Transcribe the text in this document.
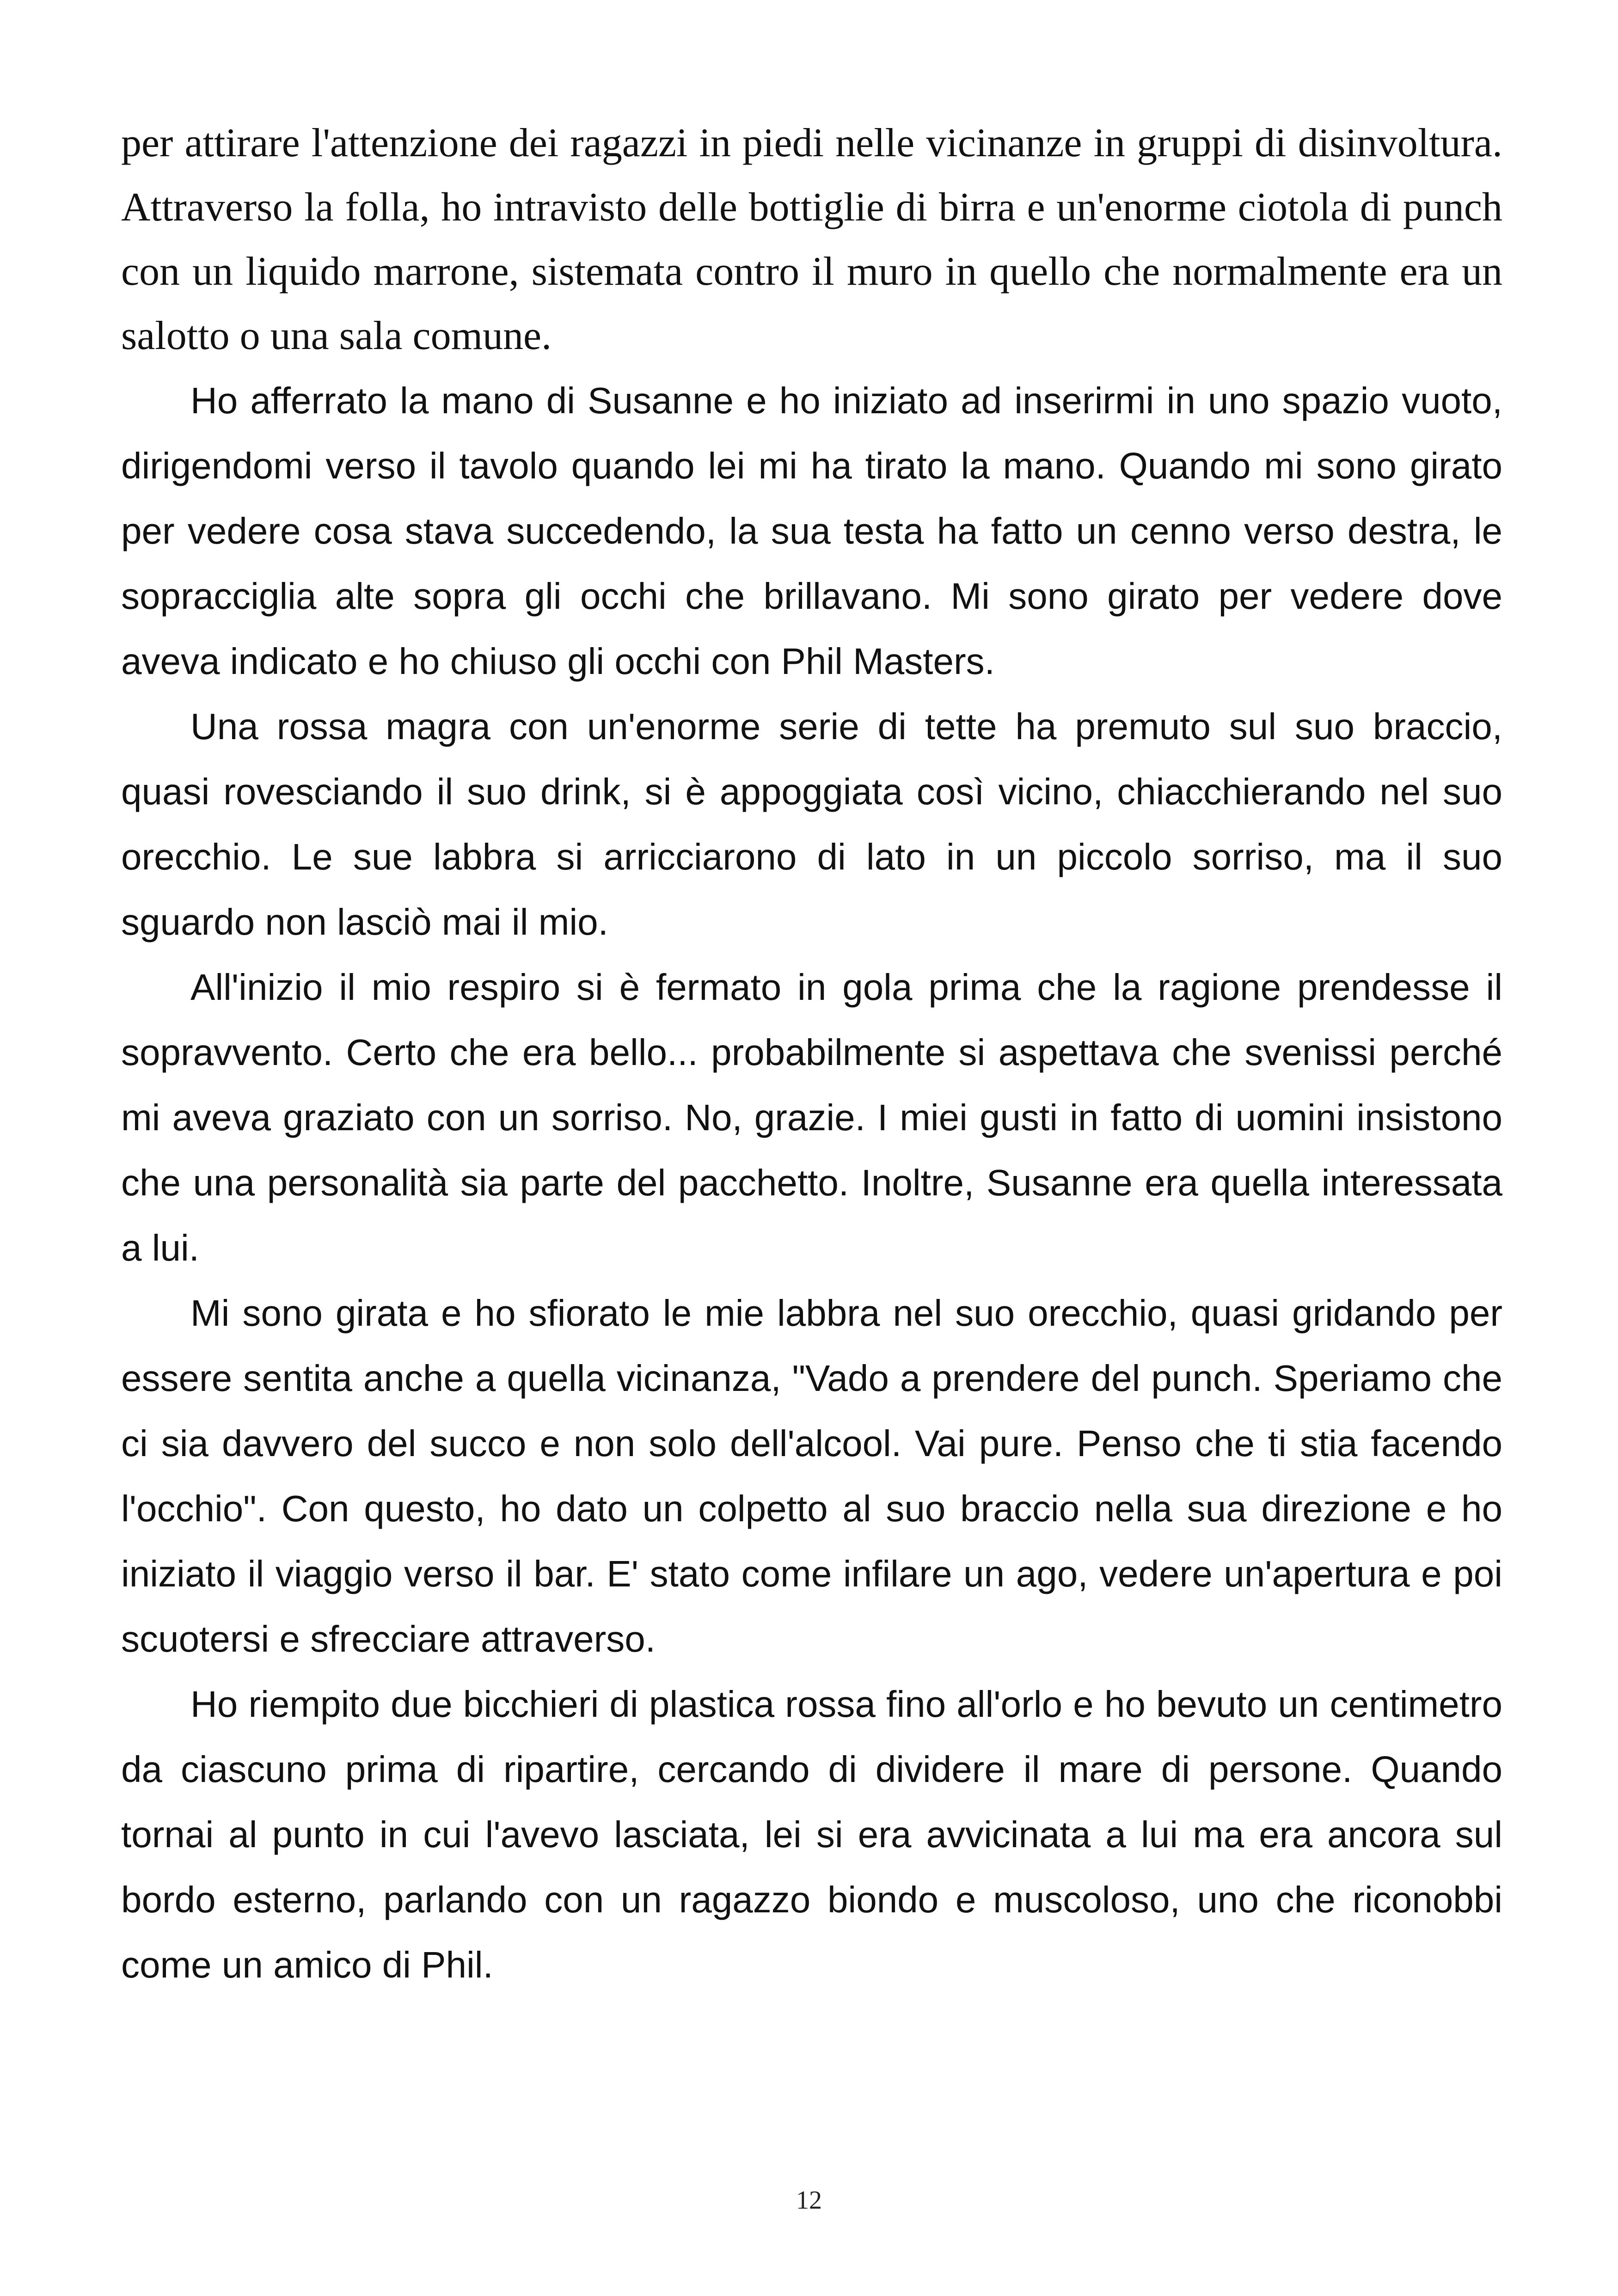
per attirare l'attenzione dei ragazzi in piedi nelle vicinanze in gruppi di disinvoltura. Attraverso la folla, ho intravisto delle bottiglie di birra e un'enorme ciotola di punch con un liquido marrone, sistemata contro il muro in quello che normalmente era un salotto o una sala comune.

Ho afferrato la mano di Susanne e ho iniziato ad inserirmi in uno spazio vuoto, dirigendomi verso il tavolo quando lei mi ha tirato la mano. Quando mi sono girato per vedere cosa stava succedendo, la sua testa ha fatto un cenno verso destra, le sopracciglia alte sopra gli occhi che brillavano. Mi sono girato per vedere dove aveva indicato e ho chiuso gli occhi con Phil Masters.

Una rossa magra con un'enorme serie di tette ha premuto sul suo braccio, quasi rovesciando il suo drink, si è appoggiata così vicino, chiacchierando nel suo orecchio. Le sue labbra si arricciarono di lato in un piccolo sorriso, ma il suo sguardo non lasciò mai il mio.

All'inizio il mio respiro si è fermato in gola prima che la ragione prendesse il sopravvento. Certo che era bello... probabilmente si aspettava che svenissi perché mi aveva graziato con un sorriso. No, grazie. I miei gusti in fatto di uomini insistono che una personalità sia parte del pacchetto. Inoltre, Susanne era quella interessata a lui.

Mi sono girata e ho sfiorato le mie labbra nel suo orecchio, quasi gridando per essere sentita anche a quella vicinanza, "Vado a prendere del punch. Speriamo che ci sia davvero del succo e non solo dell'alcool. Vai pure. Penso che ti stia facendo l'occhio". Con questo, ho dato un colpetto al suo braccio nella sua direzione e ho iniziato il viaggio verso il bar. E' stato come infilare un ago, vedere un'apertura e poi scuotersi e sfrecciare attraverso.

Ho riempito due bicchieri di plastica rossa fino all'orlo e ho bevuto un centimetro da ciascuno prima di ripartire, cercando di dividere il mare di persone. Quando tornai al punto in cui l'avevo lasciata, lei si era avvicinata a lui ma era ancora sul bordo esterno, parlando con un ragazzo biondo e muscoloso, uno che riconobbi come un amico di Phil.

12
